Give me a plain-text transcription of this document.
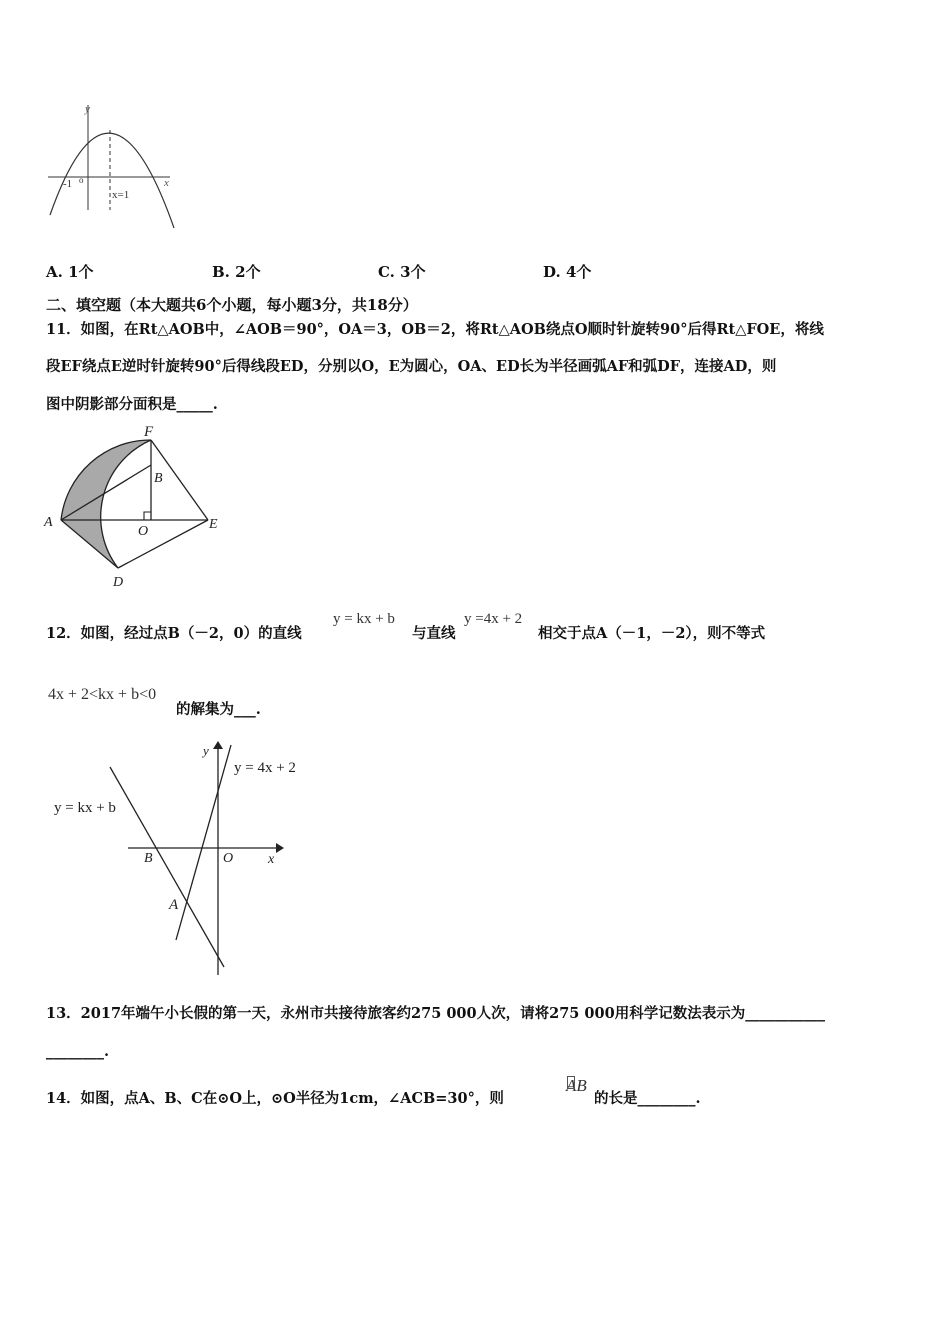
x
y
-1 o
x=1
A. 1个	B. 2个	C. 3个	D. 4个
二、填空题（本大题共6个小题，每小题3分，共18分）
11．如图，在Rt△AOB中，∠AOB＝90°，OA＝3，OB＝2，将Rt△AOB绕点O顺时针旋转90°后得Rt△FOE，将线
段EF绕点E逆时针旋转90°后得线段ED，分别以O，E为圆心，OA、ED长为半径画弧AF和弧DF，连接AD，则
图中阴影部分面积是_____.
F
B
A
O	E
D
12．如图，经过点B（－2，0）的直线
y = kx + b
与直线
y =4x + 2
相交于点A（－1，－2），则不等式
4x + 2<kx + b<0
的解集为___.
y
y = 4x + 2
y = kx + b
B	O x
A
13．2017年端午小长假的第一天，永州市共接待旅客约275 000人次，请将275 000用科学记数法表示为___________
________.
14．如图，点A、B、C在⊙O上，⊙O半径为1cm，∠ACB=30°，则
AB
的长是________.
